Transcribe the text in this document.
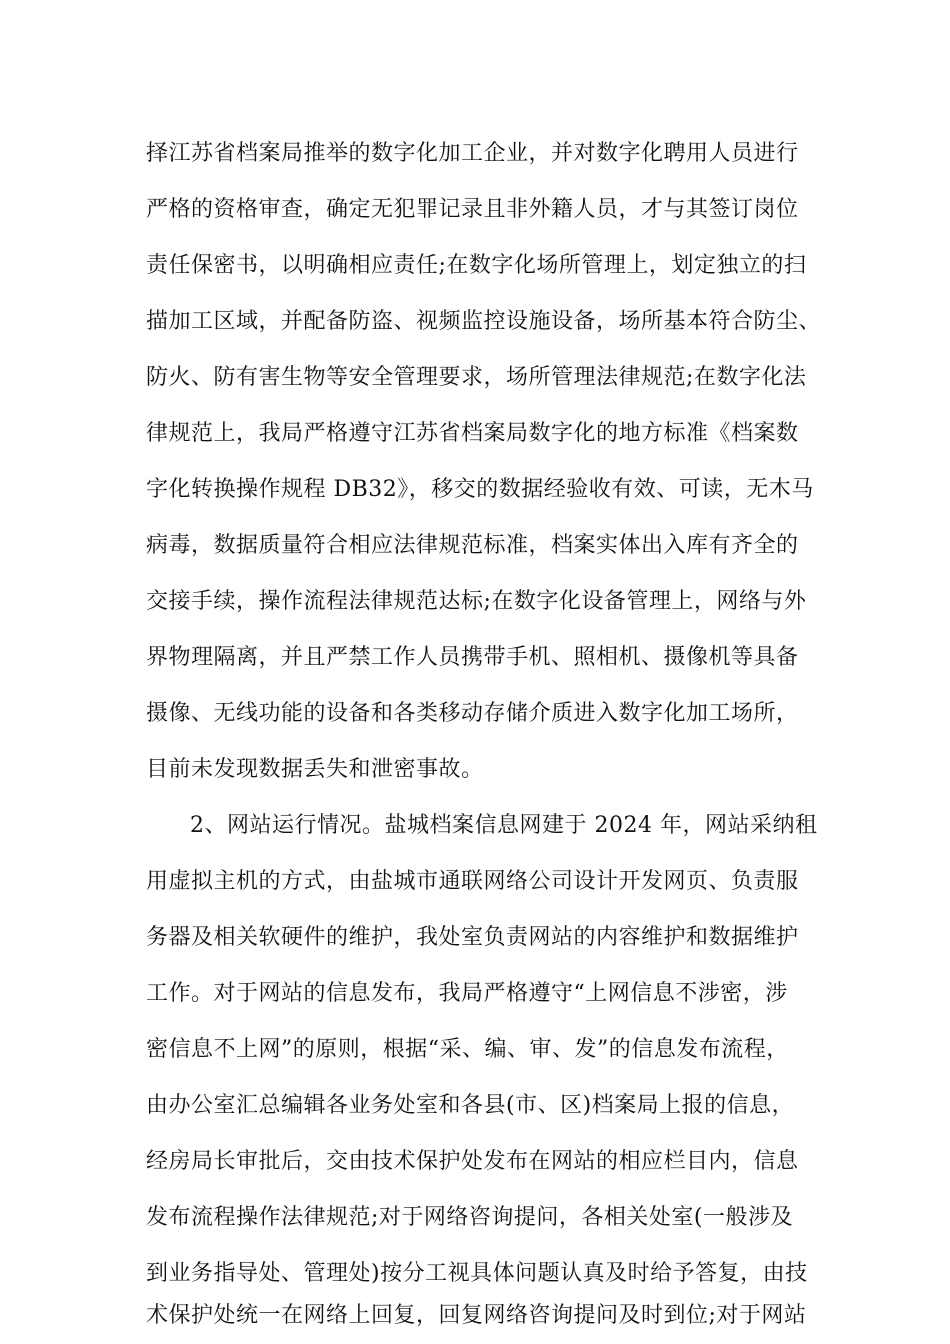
择江苏省档案局推举的数字化加工企业，并对数字化聘用人员进行
严格的资格审查，确定无犯罪记录且非外籍人员，才与其签订岗位
责任保密书，以明确相应责任;在数字化场所管理上，划定独立的扫
描加工区域，并配备防盗、视频监控设施设备，场所基本符合防尘、
防火、防有害生物等安全管理要求，场所管理法律规范;在数字化法
律规范上，我局严格遵守江苏省档案局数字化的地方标准《档案数
字化转换操作规程 DB32》，移交的数据经验收有效、可读，无木马
病毒，数据质量符合相应法律规范标准，档案实体出入库有齐全的
交接手续，操作流程法律规范达标;在数字化设备管理上，网络与外
界物理隔离，并且严禁工作人员携带手机、照相机、摄像机等具备
摄像、无线功能的设备和各类移动存储介质进入数字化加工场所，
目前未发现数据丢失和泄密事故。
2、网站运行情况。盐城档案信息网建于 2024 年，网站采纳租
用虚拟主机的方式，由盐城市通联网络公司设计开发网页、负责服
务器及相关软硬件的维护，我处室负责网站的内容维护和数据维护
工作。对于网站的信息发布，我局严格遵守“上网信息不涉密，涉
密信息不上网”的原则，根据“采、编、审、发”的信息发布流程，
由办公室汇总编辑各业务处室和各县(市、区)档案局上报的信息，
经房局长审批后，交由技术保护处发布在网站的相应栏目内，信息
发布流程操作法律规范;对于网络咨询提问，各相关处室(一般涉及
到业务指导处、管理处)按分工视具体问题认真及时给予答复，由技
术保护处统一在网络上回复，回复网络咨询提问及时到位;对于网站
